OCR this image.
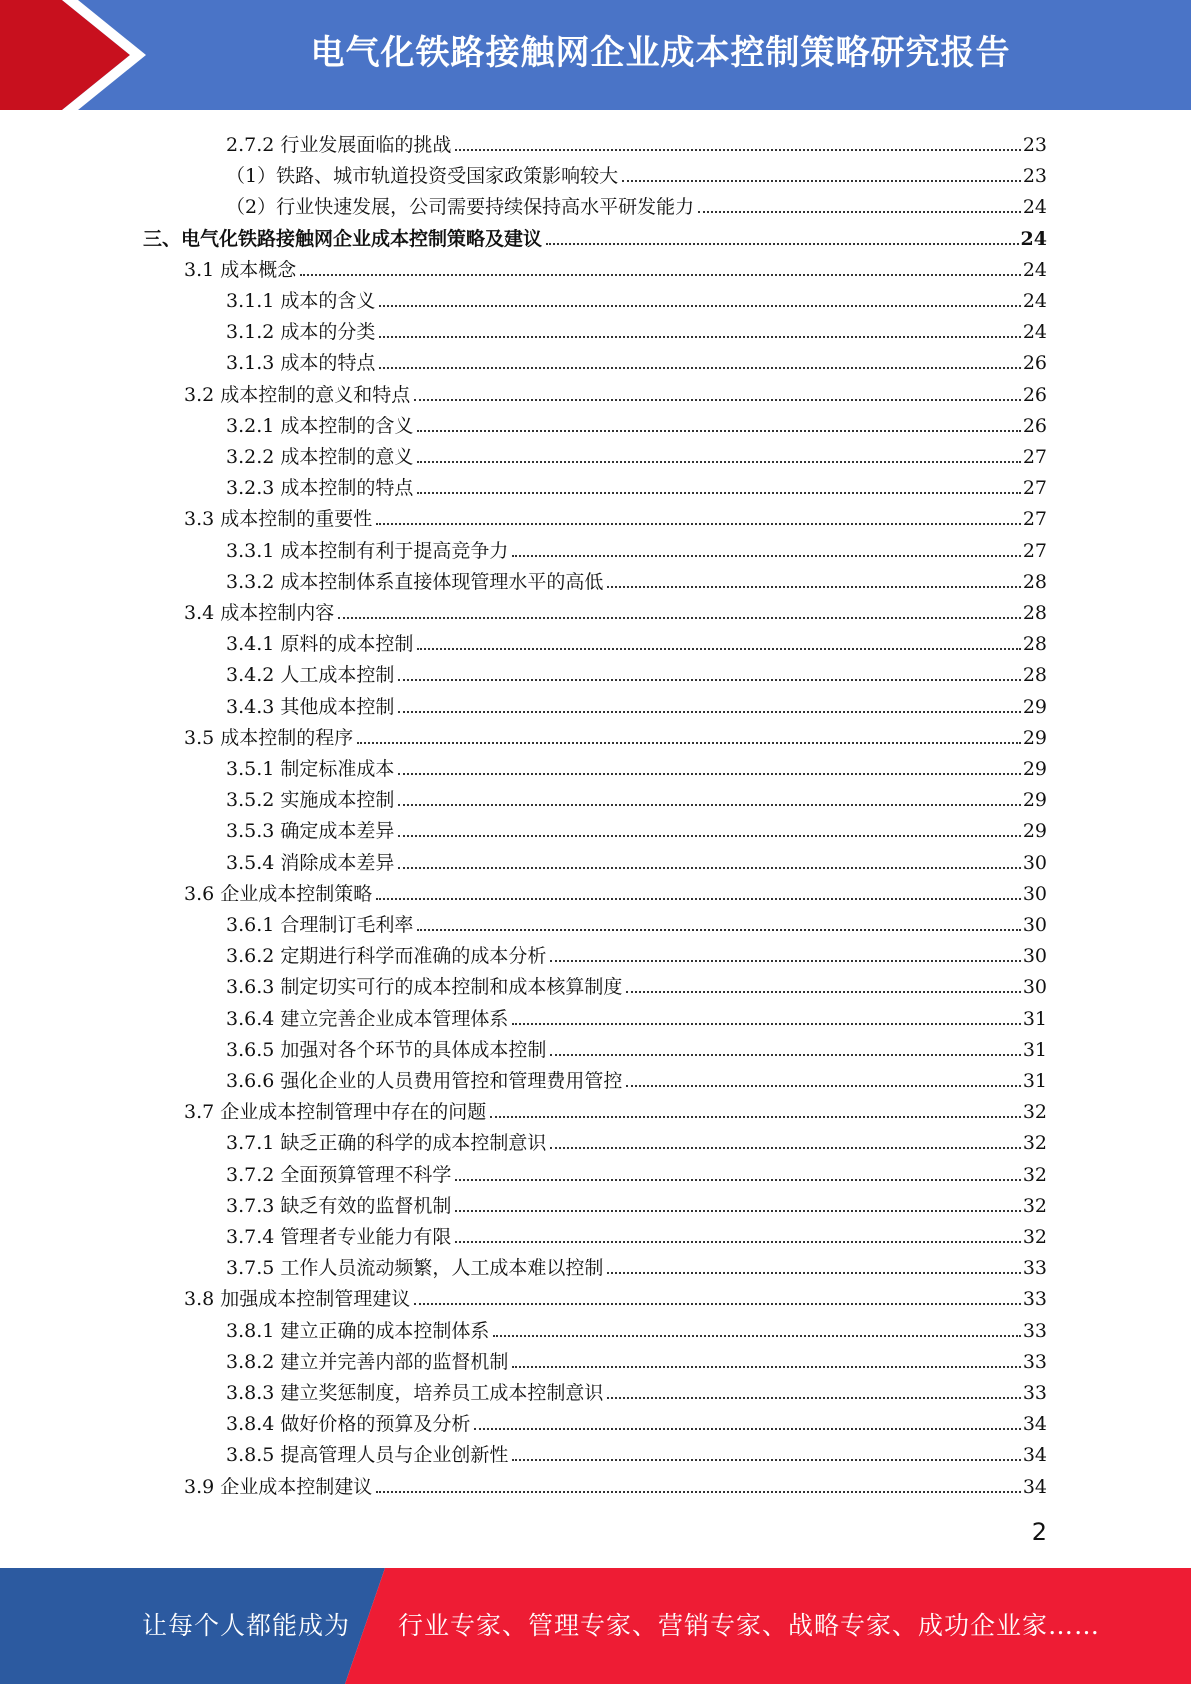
电气化铁路接触网企业成本控制策略研究报告
2.7.2 行业发展面临的挑战	23
（1） 铁路、城市轨道投资受国家政策影响较大	23
（2） 行业快速发展，公司需要持续保持高水平研发能力	24
三、电气化铁路接触网企业成本控制策略及建议	24
3.1 成本概念	24
3.1.1 成本的含义	24
3.1.2 成本的分类	24
3.1.3 成本的特点	26
3.2 成本控制的意义和特点	26
3.2.1 成本控制的含义	26
3.2.2 成本控制的意义	27
3.2.3 成本控制的特点	27
3.3 成本控制的重要性	27
3.3.1 成本控制有利于提高竞争力	27
3.3.2 成本控制体系直接体现管理水平的高低	28
3.4 成本控制内容	28
3.4.1 原料的成本控制	28
3.4.2 人工成本控制	28
3.4.3 其他成本控制	29
3.5 成本控制的程序	29
3.5.1 制定标准成本	29
3.5.2 实施成本控制	29
3.5.3 确定成本差异	29
3.5.4 消除成本差异	30
3.6 企业成本控制策略	30
3.6.1 合理制订毛利率	30
3.6.2 定期进行科学而准确的成本分析	30
3.6.3 制定切实可行的成本控制和成本核算制度	30
3.6.4 建立完善企业成本管理体系	31
3.6.5 加强对各个环节的具体成本控制	31
3.6.6 强化企业的人员费用管控和管理费用管控	31
3.7 企业成本控制管理中存在的问题	32
3.7.1 缺乏正确的科学的成本控制意识	32
3.7.2 全面预算管理不科学	32
3.7.3 缺乏有效的监督机制	32
3.7.4 管理者专业能力有限	32
3.7.5 工作人员流动频繁，人工成本难以控制	33
3.8 加强成本控制管理建议	33
3.8.1 建立正确的成本控制体系	33
3.8.2 建立并完善内部的监督机制	33
3.8.3 建立奖惩制度，培养员工成本控制意识	33
3.8.4 做好价格的预算及分析	34
3.8.5 提高管理人员与企业创新性	34
3.9 企业成本控制建议	34
2
让每个人都能成为 行业专家、管理专家、营销专家、战略专家、成功企业家……
